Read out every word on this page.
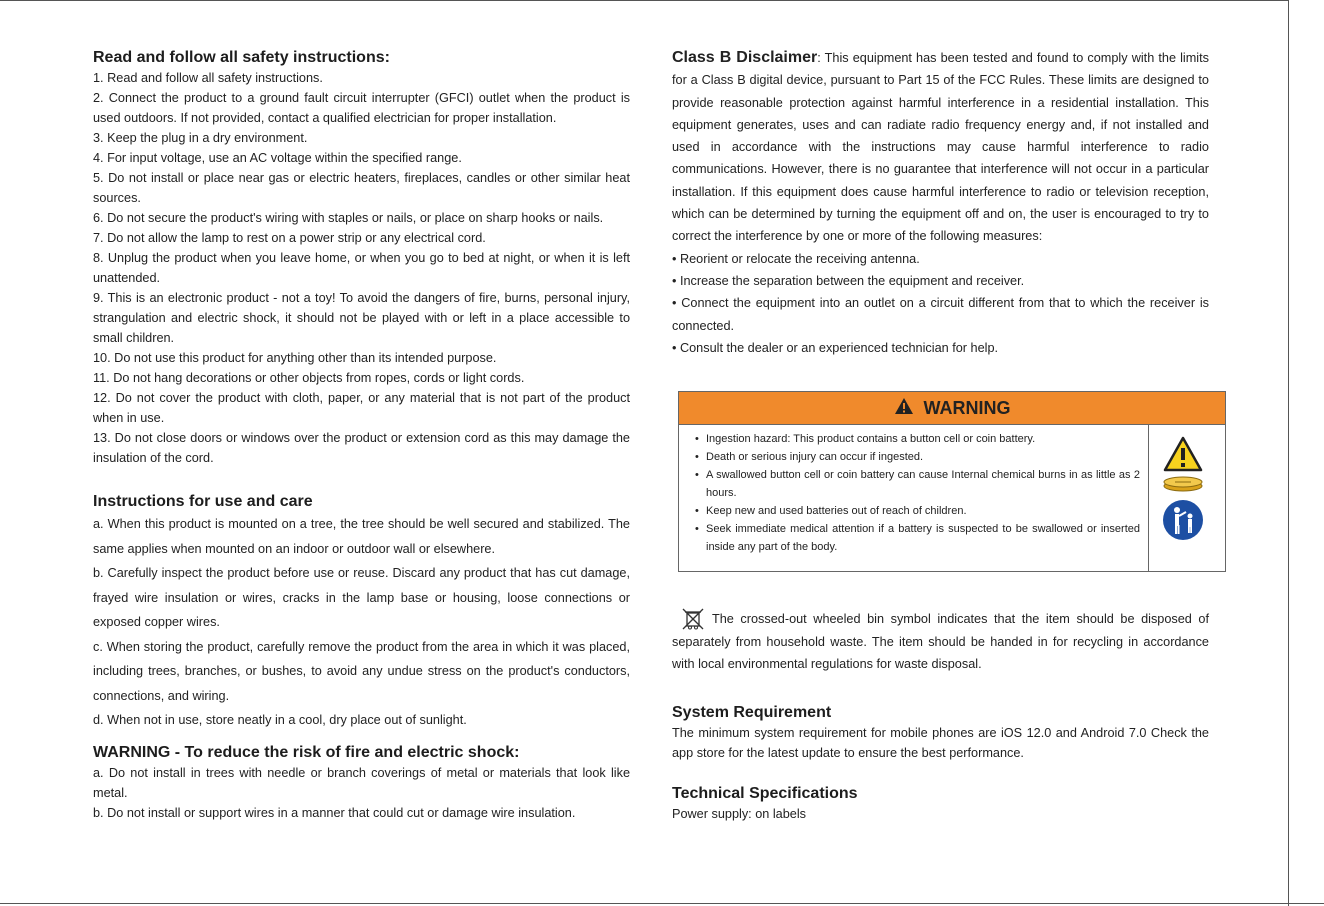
Read and follow all safety instructions:

1. Read and follow all safety instructions.

2. Connect the product to a ground fault circuit interrupter (GFCI) outlet when the product is used outdoors. If not provided, contact a qualified electrician for proper installation.

3. Keep the plug in a dry environment.

4. For input voltage, use an AC voltage within the specified range.

5. Do not install or place near gas or electric heaters, fireplaces, candles or other similar heat sources.

6. Do not secure the product's wiring with staples or nails, or place on sharp hooks or nails.

7. Do not allow the lamp to rest on a power strip or any electrical cord.

8. Unplug the product when you leave home, or when you go to bed at night, or when it is left unattended.

9. This is an electronic product - not a toy! To avoid the dangers of fire, burns, personal injury, strangulation and electric shock, it should not be played with or left in a place accessible to small children.

10. Do not use this product for anything other than its intended purpose.

11. Do not hang decorations or other objects from ropes, cords or light cords.

12. Do not cover the product with cloth, paper, or any material that is not part of the product when in use.

13. Do not close doors or windows over the product or extension cord as this may damage the insulation of the cord.

Instructions for use and care

a. When this product is mounted on a tree, the tree should be well secured and stabilized. The same applies when mounted on an indoor or outdoor wall or elsewhere.

b. Carefully inspect the product before use or reuse. Discard any product that has cut damage, frayed wire insulation or wires, cracks in the lamp base or housing, loose connections or exposed copper wires.

c. When storing the product, carefully remove the product from the area in which it was placed, including trees, branches, or bushes, to avoid any undue stress on the product's conductors, connections, and wiring.

d. When not in use, store neatly in a cool, dry place out of sunlight.

WARNING - To reduce the risk of fire and electric shock:

a. Do not install in trees with needle or branch coverings of metal or materials that look like metal.

b. Do not install or support wires in a manner that could cut or damage wire insulation.

Class B Disclaimer: This equipment has been tested and found to comply with the limits for a Class B digital device, pursuant to Part 15 of the FCC Rules. These limits are designed to provide reasonable protection against harmful interference in a residential installation. This equipment generates, uses and can radiate radio frequency energy and, if not installed and used in accordance with the instructions may cause harmful interference to radio communications. However, there is no guarantee that interference will not occur in a particular installation. If this equipment does cause harmful interference to radio or television reception, which can be determined by turning the equipment off and on, the user is encouraged to try to correct the interference by one or more of the following measures:

• Reorient or relocate the receiving antenna.

• Increase the separation between the equipment and receiver.

• Connect the equipment into an outlet on a circuit different from that to which the receiver is connected.

• Consult the dealer or an experienced technician for help.

WARNING
• Ingestion hazard: This product contains a button cell or coin battery.
• Death or serious injury can occur if ingested.
• A swallowed button cell or coin battery can cause Internal chemical burns in as little as 2 hours.
• Keep new and used batteries out of reach of children.
• Seek immediate medical attention if a battery is suspected to be swallowed or inserted inside any part of the body.

The crossed-out wheeled bin symbol indicates that the item should be disposed of separately from household waste. The item should be handed in for recycling in accordance with local environmental regulations for waste disposal.

System Requirement

The minimum system requirement for mobile phones are iOS 12.0 and Android 7.0 Check the app store for the latest update to ensure the best performance.

Technical Specifications

Power supply: on labels
